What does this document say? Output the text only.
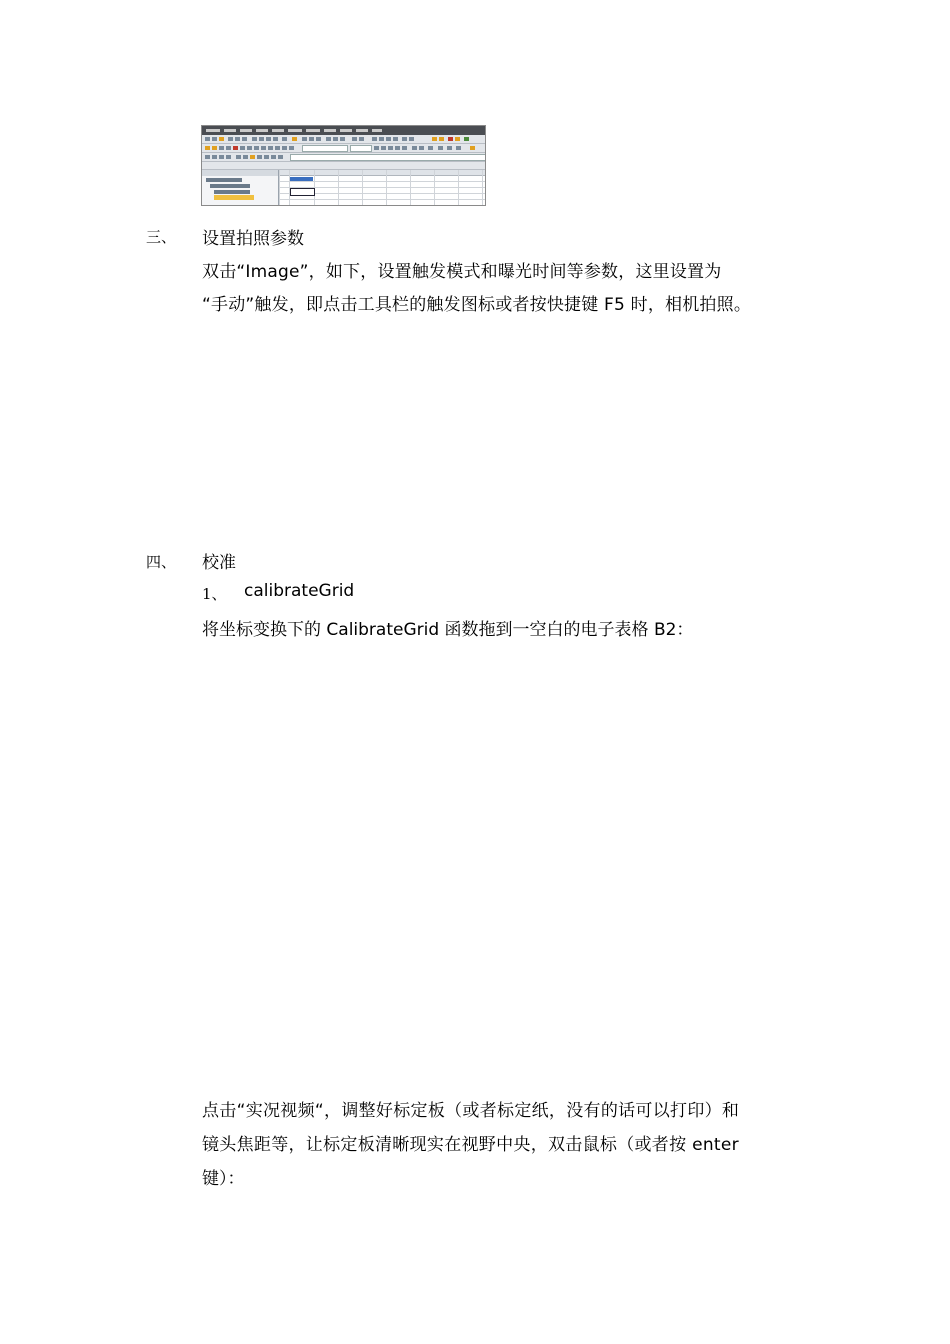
三、 设置拍照参数
双击“Image”，如下，设置触发模式和曝光时间等参数，这里设置为
“手动”触发，即点击工具栏的触发图标或者按快捷键 F5 时，相机拍照。
四、 校准
1、 calibrateGrid
将坐标变换下的 CalibrateGrid 函数拖到一空白的电子表格 B2：
点击“实况视频“，调整好标定板（或者标定纸，没有的话可以打印）和
镜头焦距等，让标定板清晰现实在视野中央，双击鼠标（或者按 enter
键）：
